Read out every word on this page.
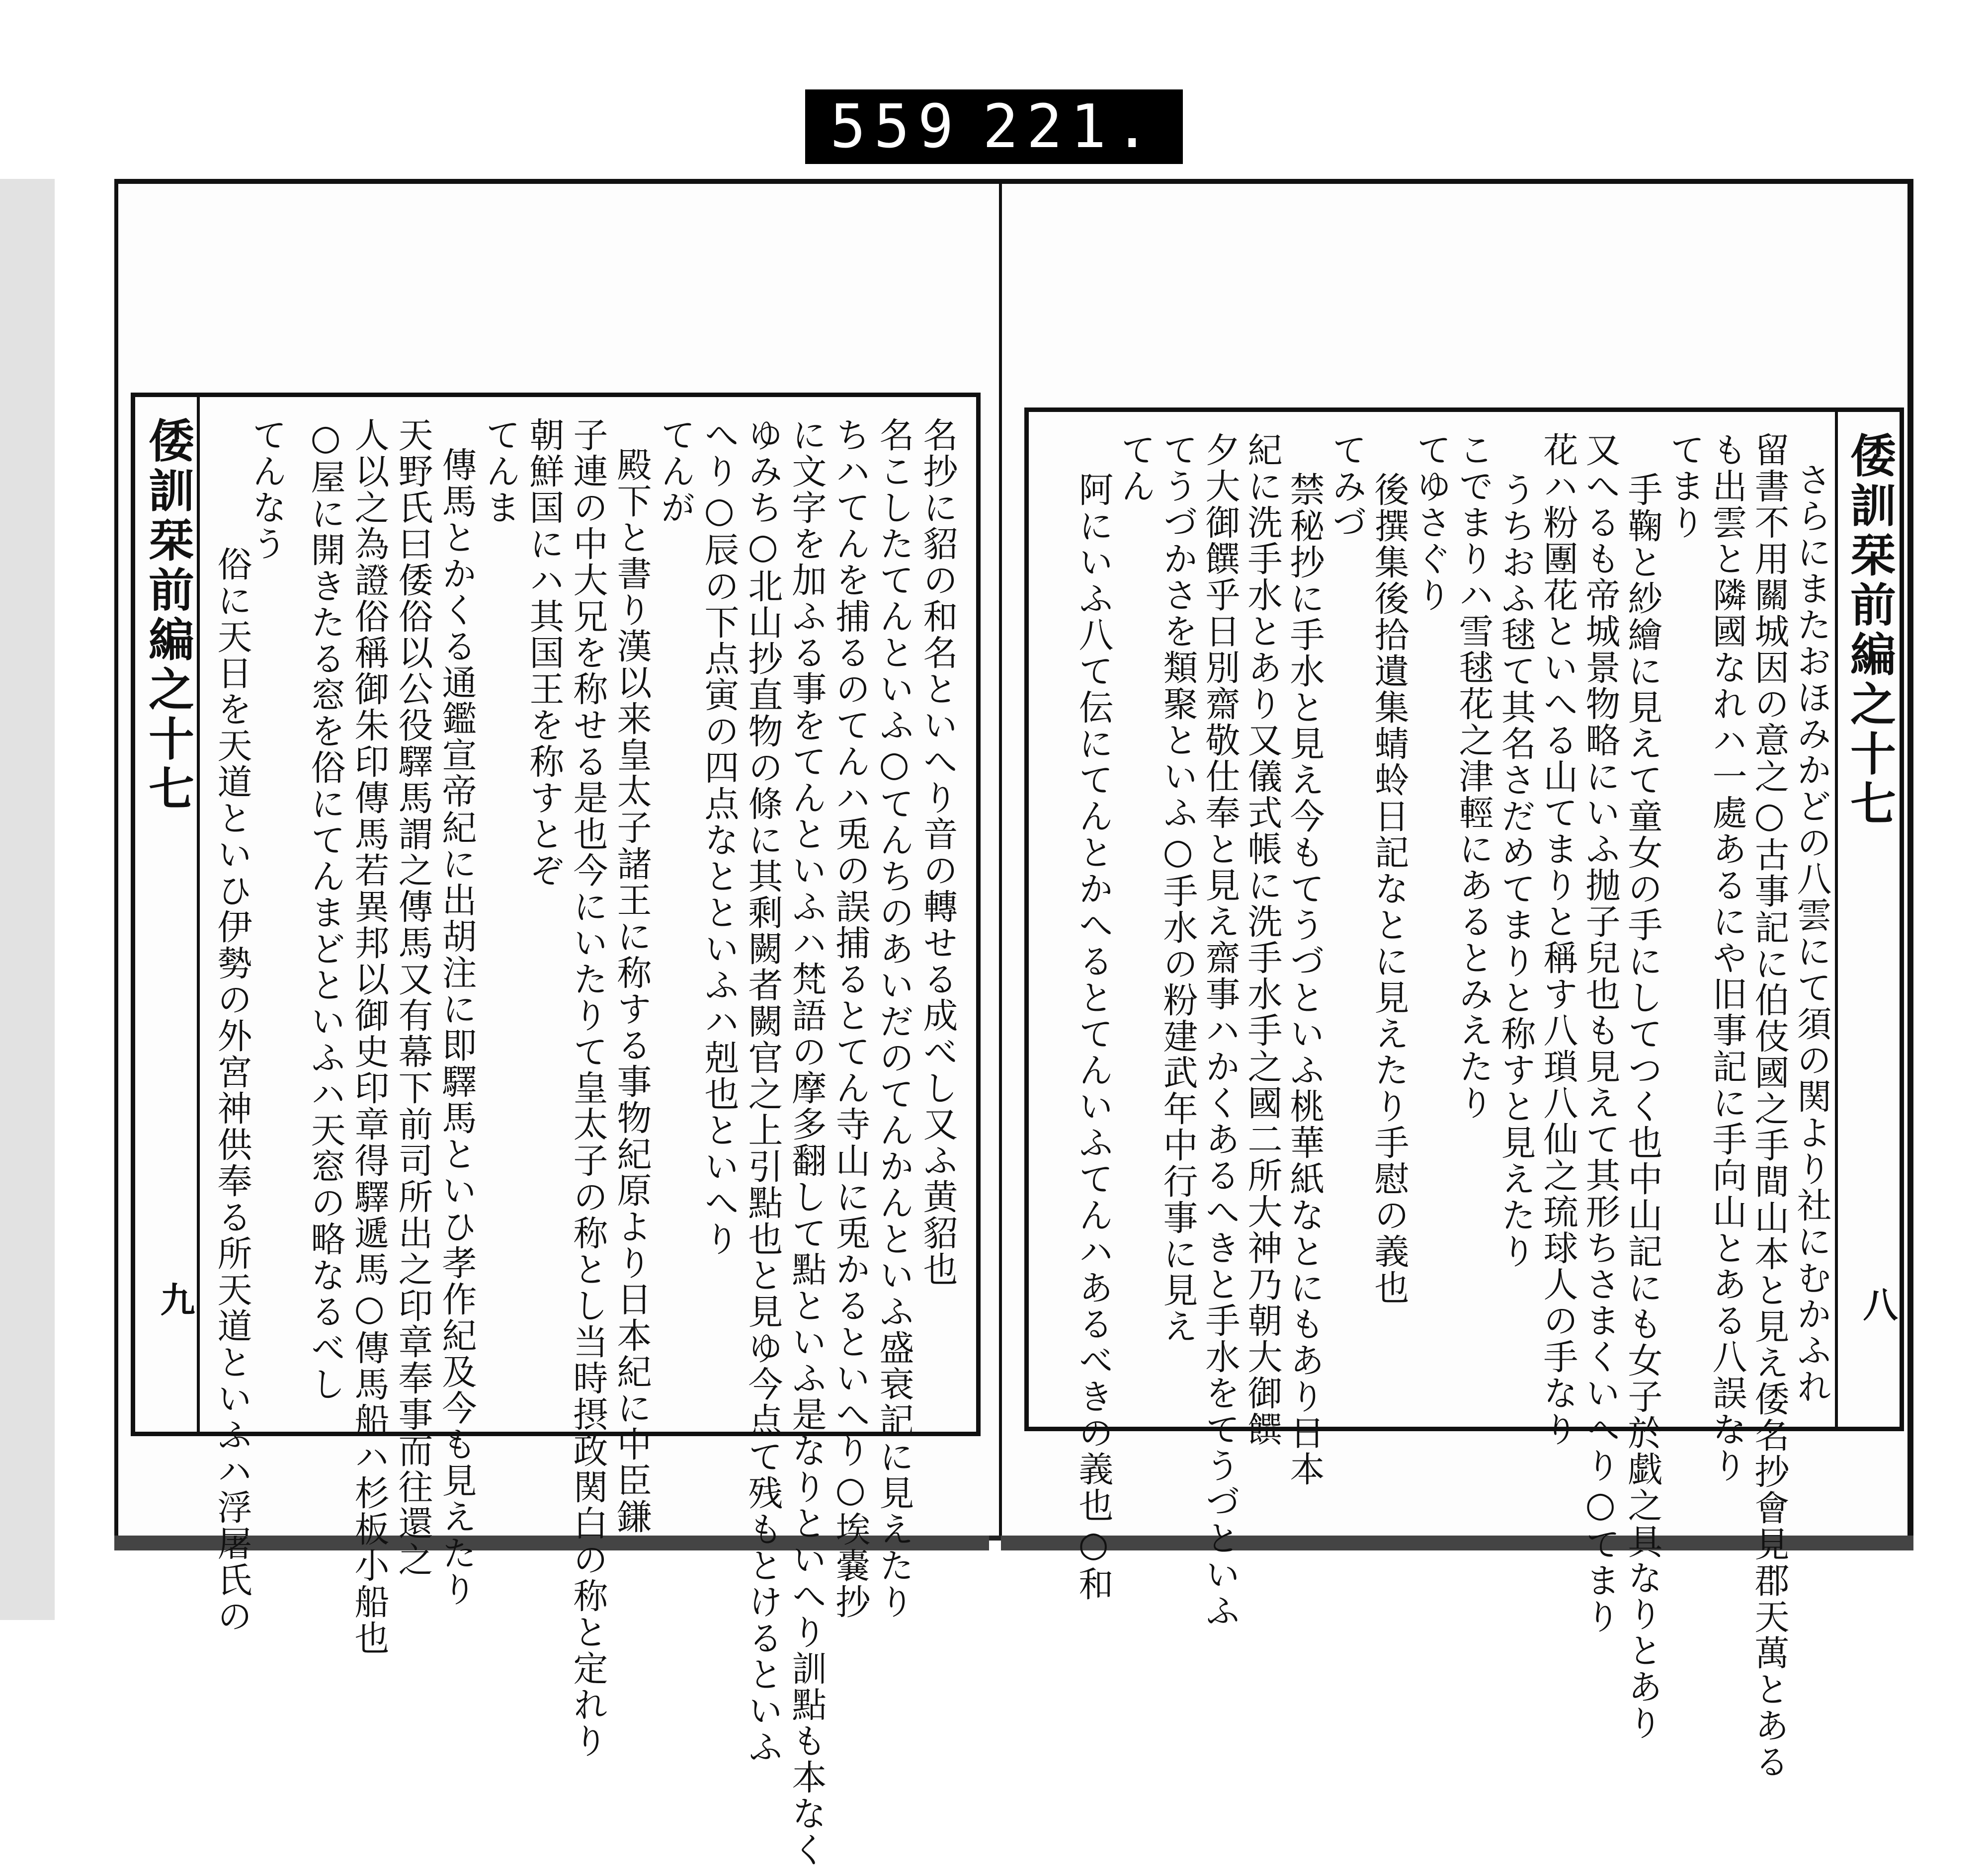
559 221.
倭訓栞前編之十七
九
名抄に貂の和名といへり音の轉せる成べし又ふ黄貂也
名こしたてんといふ○てんちのあいだのてんかんといふ盛衰記に見えたり
ちハてんを捕るのてんハ兎の誤捕るとてん寺山に兎かるといへり○埃嚢抄
に文字を加ふる事をてんといふハ梵語の摩多翻して點といふ是なりといへり訓點も本なく
ゆみち○北山抄直物の條に其剩闕者闕官之上引點也と見ゆ今点て残もとけるといふ
へり○辰の下点寅の四点なとといふハ剋也といへり
てんが
殿下と書り漢以来皇太子諸王に称する事物紀原より日本紀に中臣鎌
子連の中大兄を称せる是也今にいたりて皇太子の称とし当時摂政関白の称と定れり
朝鮮国にハ其国王を称すとぞ
てんま
傳馬とかくる通鑑宣帝紀に出胡注に即驛馬といひ孝作紀及今も見えたり
天野氏曰倭俗以公役驛馬謂之傳馬又有幕下前司所出之印章奉事而往還之
人以之為證俗稱御朱印傳馬若異邦以御史印章得驛遞馬○傳馬船ハ杉板小船也
○屋に開きたる窓を俗にてんまどといふハ天窓の略なるべし
てんなう
俗に天日を天道といひ伊勢の外宮神供奉る所天道といふハ浮屠氏の	倭訓栞前編之十七
八
さらにまたおほみかどの八雲にて須の関より社にむかふれ
留書不用關城因の意之○古事記に伯伎國之手間山本と見え倭名抄會見郡天萬とある
も出雲と隣國なれハ一處あるにや旧事記に手向山とある八誤なり
てまり
手鞠と紗繪に見えて童女の手にしてつく也中山記にも女子於戯之具なりとあり
又へるも帝城景物略にいふ抛子兒也も見えて其形ちさまくいへり○てまり
花ハ粉團花といへる山てまりと稱す八瑣八仙之琉球人の手なり
うちおふ毬て其名さだめてまりと称すと見えたり
こでまりハ雪毬花之津輕にあるとみえたり
てゆさぐり
後撰集後拾遺集蜻蛉日記なとに見えたり手慰の義也
てみづ
禁秘抄に手水と見え今もてうづといふ桃華紙なとにもあり日本
紀に洗手水とあり又儀式帳に洗手水手之國二所大神乃朝大御饌
夕大御饌乎日別齋敬仕奉と見え齋事ハかくあるへきと手水をてうづといふ
てうづかさを類聚といふ○手水の粉建武年中行事に見え
てん
阿にいふ八て伝にてんとかへるとてんいふてんハあるべきの義也○和
